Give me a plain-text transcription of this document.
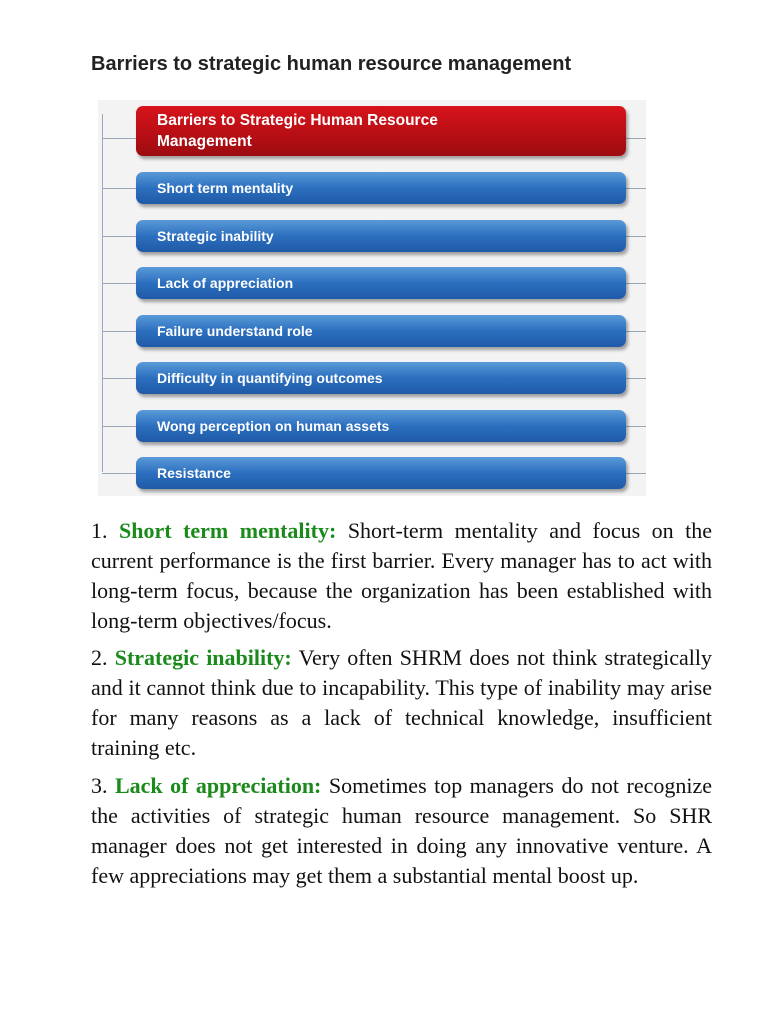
Barriers to strategic human resource management
Barriers to Strategic Human Resource
Management
Short term mentality
Strategic inability
Lack of appreciation
Failure understand role
Difficulty in quantifying outcomes
Wong perception on human assets
Resistance

1. Short term mentality: Short-term mentality and focus on the current performance is the first barrier. Every manager has to act with long-term focus, because the organization has been established with long-term objectives/focus.

2. Strategic inability: Very often SHRM does not think strategically and it cannot think due to incapability. This type of inability may arise for many reasons as a lack of technical knowledge, insufficient training etc.

3. Lack of appreciation: Sometimes top managers do not recognize the activities of strategic human resource management. So SHR manager does not get interested in doing any innovative venture. A few appreciations may get them a substantial mental boost up.
